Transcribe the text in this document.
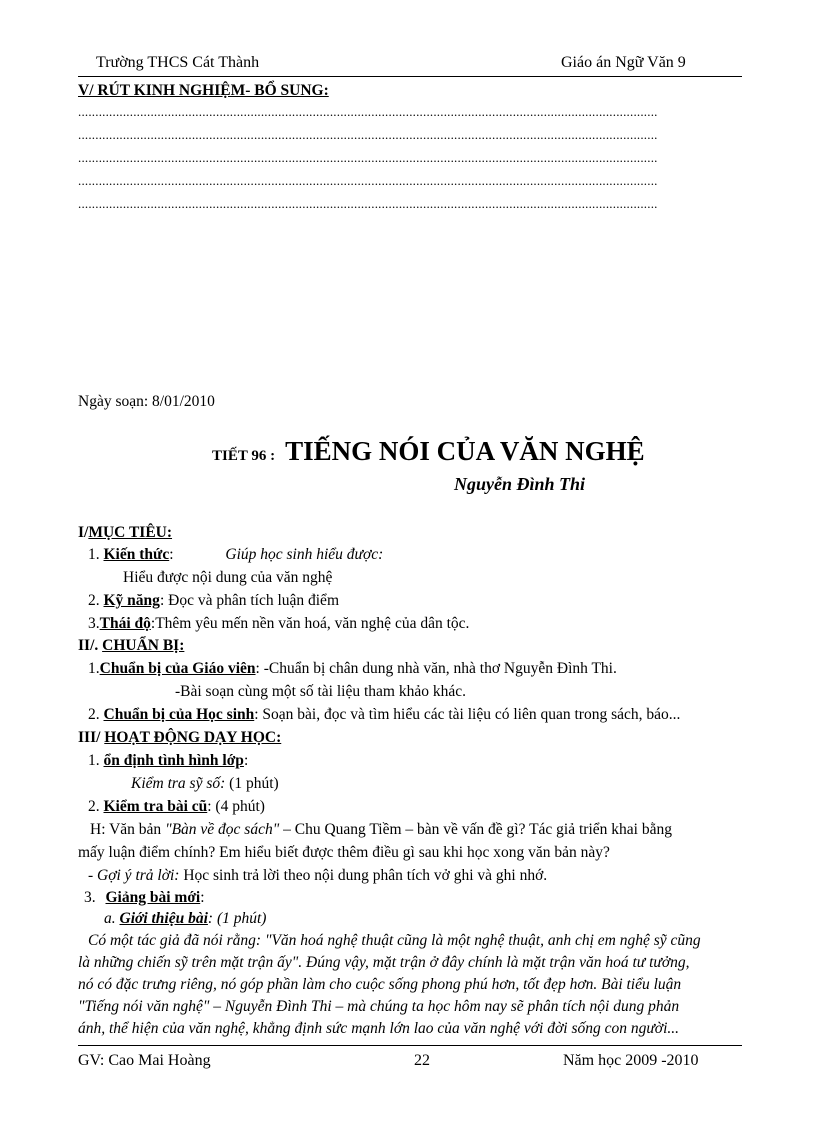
Trường THCS Cát Thành	Giáo án Ngữ Văn 9
V/ RÚT KINH NGHIỆM- BỔ SUNG:
........................................................................................................................................................................
........................................................................................................................................................................
........................................................................................................................................................................
........................................................................................................................................................................
........................................................................................................................................................................
Ngày soạn: 8/01/2010
TIẾT 96 : TIẾNG NÓI CỦA VĂN NGHỆ
Nguyễn Đình Thi
I/MỤC TIÊU:
1. Kiến thức:	Giúp học sinh hiểu được:
Hiểu được nội dung của văn nghệ
2. Kỹ năng: Đọc và phân tích luận điểm
3.Thái độ:Thêm yêu mến nền văn hoá, văn nghệ của dân tộc.
II/. CHUẨN BỊ:
1.Chuẩn bị của Giáo viên: -Chuẩn bị chân dung nhà văn, nhà thơ Nguyễn Đình Thi.
-Bài soạn cùng một số tài liệu tham khảo khác.
2. Chuẩn bị của Học sinh: Soạn bài, đọc và tìm hiểu các tài liệu có liên quan trong sách, báo...
III/ HOẠT ĐỘNG DẠY HỌC:
1. ổn định tình hình lớp:
Kiểm tra sỹ số: (1 phút)
2. Kiểm tra bài cũ: (4 phút)
H: Văn bản "Bàn về đọc sách" – Chu Quang Tiềm – bàn về vấn đề gì? Tác giả triển khai bằng
mấy luận điểm chính? Em hiểu biết được thêm điều gì sau khi học xong văn bản này?
- Gợi ý trả lời: Học sinh trả lời theo nội dung phân tích vở ghi và ghi nhớ.
3. Giảng bài mới:
a. Giới thiệu bài: (1 phút)
Có một tác giả đã nói rằng: "Văn hoá nghệ thuật cũng là một nghệ thuật, anh chị em nghệ sỹ cũng
là những chiến sỹ trên mặt trận ấy". Đúng vậy, mặt trận ở đây chính là mặt trận văn hoá tư tưởng,
nó có đặc trưng riêng, nó góp phần làm cho cuộc sống phong phú hơn, tốt đẹp hơn. Bài tiểu luận
"Tiếng nói văn nghệ" – Nguyễn Đình Thi – mà chúng ta học hôm nay sẽ phân tích nội dung phản
ánh, thể hiện của văn nghệ, khẳng định sức mạnh lớn lao của văn nghệ với đời sống con người...
GV: Cao Mai Hoàng	22	Năm học 2009 -2010
